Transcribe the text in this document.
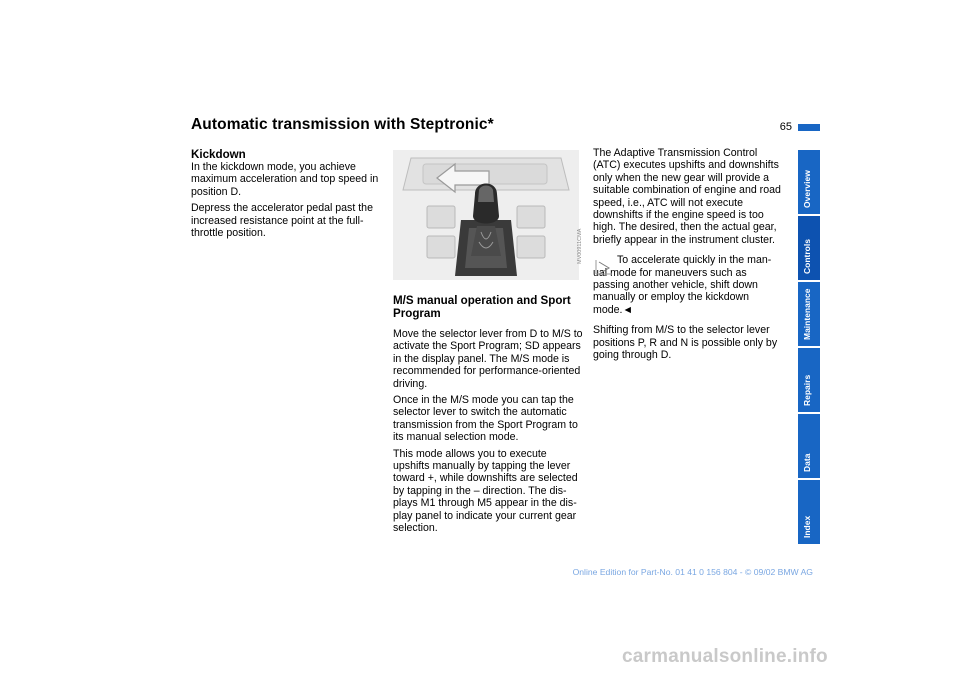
Automatic transmission with Steptronic*	65
Kickdown

In the kickdown mode, you achieve maximum acceleration and top speed in position D.

Depress the accelerator pedal past the increased resistance point at the full-throttle position.	MV00911CMA
M/S manual operation and Sport Program

Move the selector lever from D to M/S to activate the Sport Program; SD appears in the display panel. The M/S mode is recommended for performance-oriented driving.

Once in the M/S mode you can tap the selector lever to switch the automatic transmission from the Sport Program to its manual selection mode.

This mode allows you to execute upshifts manually by tapping the lever toward +, while downshifts are selected by tapping in the – direction. The dis-plays M1 through M5 appear in the dis-play panel to indicate your current gear selection.

The Adaptive Transmission Control (ATC) executes upshifts and downshifts only when the new gear will provide a suitable combination of engine and road speed, i.e., ATC will not execute downshifts if the engine speed is too high. The desired, then the actual gear, briefly appear in the instrument cluster.

To accelerate quickly in the man-ual mode for maneuvers such as passing another vehicle, shift down manually or employ the kickdown mode.◄

Shifting from M/S to the selector lever positions P, R and N is possible only by going through D.

Overview
Controls
Maintenance
Repairs
Data
Index
Online Edition for Part-No. 01 41 0 156 804 - © 09/02 BMW AG
carmanualsonline.info
